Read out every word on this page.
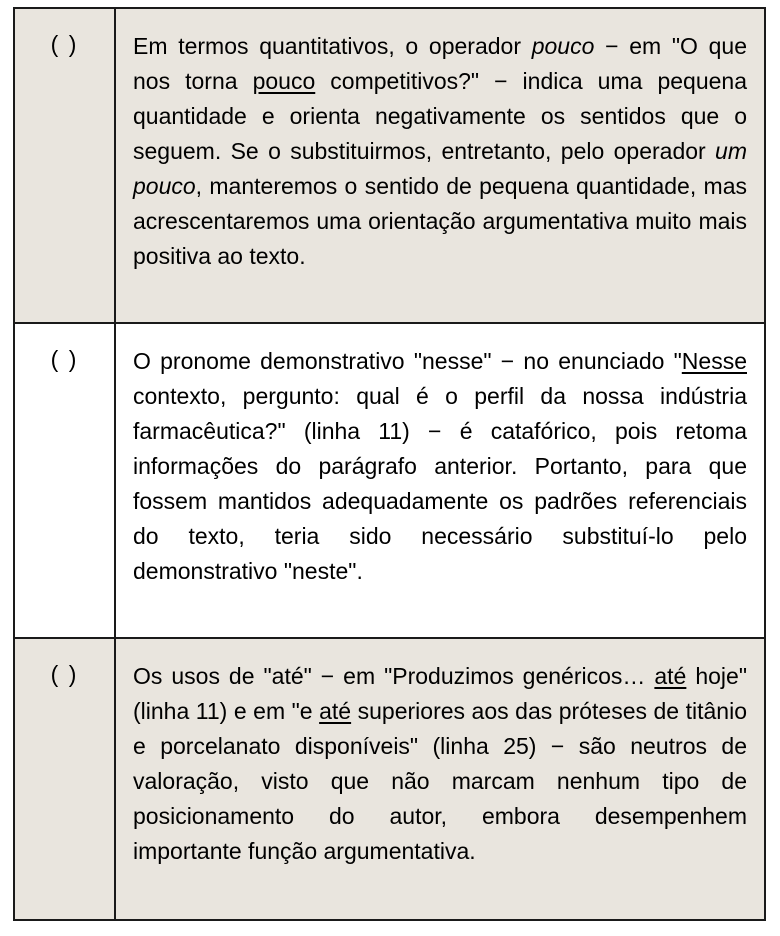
( )	Em termos quantitativos, o operador pouco − em "O que nos torna pouco competitivos?" − indica uma pequena quantidade e orienta negativamente os sentidos que o seguem. Se o substituirmos, entretanto, pelo operador um pouco, manteremos o sentido de pequena quantidade, mas acrescentaremos uma orientação argumentativa muito mais positiva ao texto.
( )	O pronome demonstrativo "nesse" − no enunciado "Nesse contexto, pergunto: qual é o perfil da nossa indústria farmacêutica?" (linha 11) − é catafórico, pois retoma informações do parágrafo anterior. Portanto, para que fossem mantidos adequadamente os padrões referenciais do texto, teria sido necessário substituí-lo pelo demonstrativo "neste".
( )	Os usos de "até" − em "Produzimos genéricos… até hoje" (linha 11) e em "e até superiores aos das próteses de titânio e porcelanato disponíveis" (linha 25) − são neutros de valoração, visto que não marcam nenhum tipo de posicionamento do autor, embora desempenhem importante função argumentativa.
